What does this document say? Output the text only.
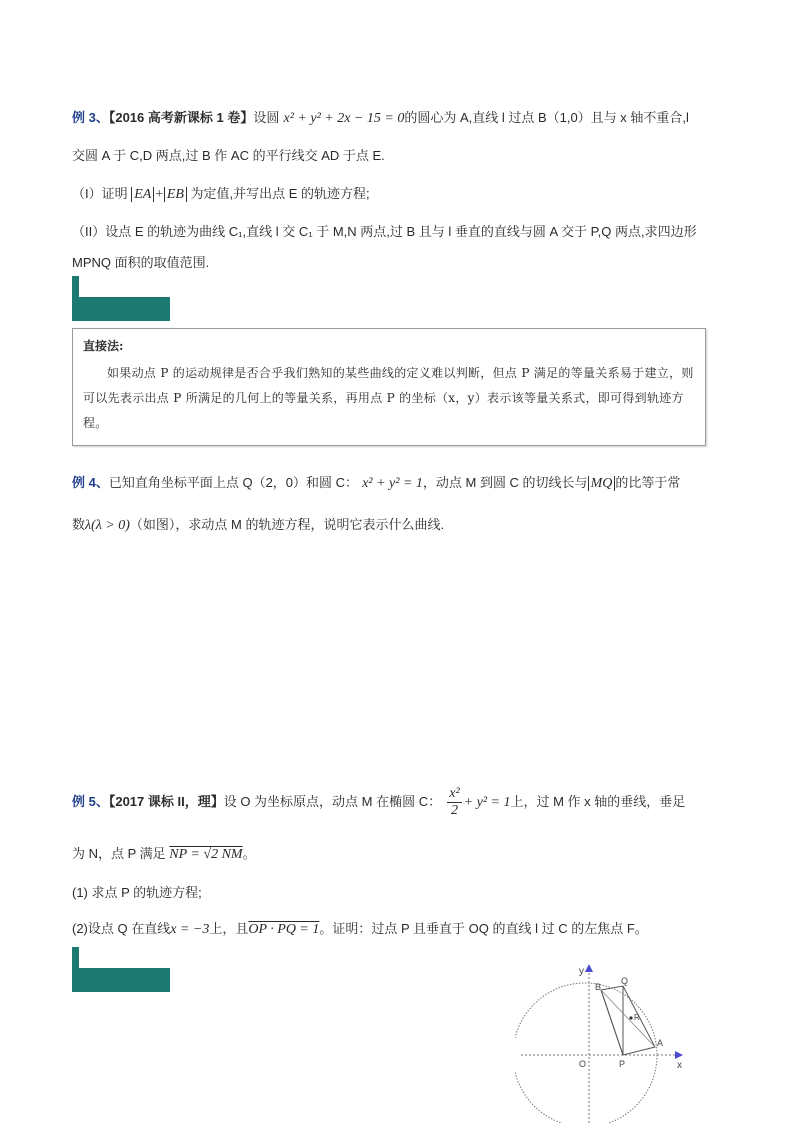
例 3、【2016 高考新课标 1 卷】设圆 x² + y² + 2x − 15 = 0的圆心为 A,直线 l 过点 B（1,0）且与 x 轴不重合,l
交圆 A 于 C,D 两点,过 B 作 AC 的平行线交 AD 于点 E.
（I）证明 EA + EB 为定值,并写出点 E 的轨迹方程;
（II）设点 E 的轨迹为曲线 C₁,直线 l 交 C₁ 于 M,N 两点,过 B 且与 l 垂直的直线与圆 A 交于 P,Q 两点,求四边形
MPNQ 面积的取值范围.
直接法:
如果动点 P 的运动规律是否合乎我们熟知的某些曲线的定义难以判断，但点 P 满足的等量关系易于建立，则可以先表示出点 P 所满足的几何上的等量关系，再用点 P 的坐标（x，y）表示该等量关系式，即可得到轨迹方程。
例 4、已知直角坐标平面上点 Q（2，0）和圆 C： x² + y² = 1，动点 M 到圆 C 的切线长与 MQ 的比等于常
数λ(λ > 0)（如图），求动点 M 的轨迹方程，说明它表示什么曲线.
例 5、【2017 课标 II，理】设 O 为坐标原点，动点 M 在椭圆 C： $\frac{\text{x²}}{2} + y^2 = 1$上，过 M 作 x 轴的垂线，垂足
为 N，点 P 满足 NP = √2 NM。
(1) 求点 P 的轨迹方程;
(2)设点 Q 在直线x = −3上，且OP · PQ = 1。证明：过点 P 且垂直于 OQ 的直线 l 过 C 的左焦点 F。
y
x
O
B
Q
R
P
A
